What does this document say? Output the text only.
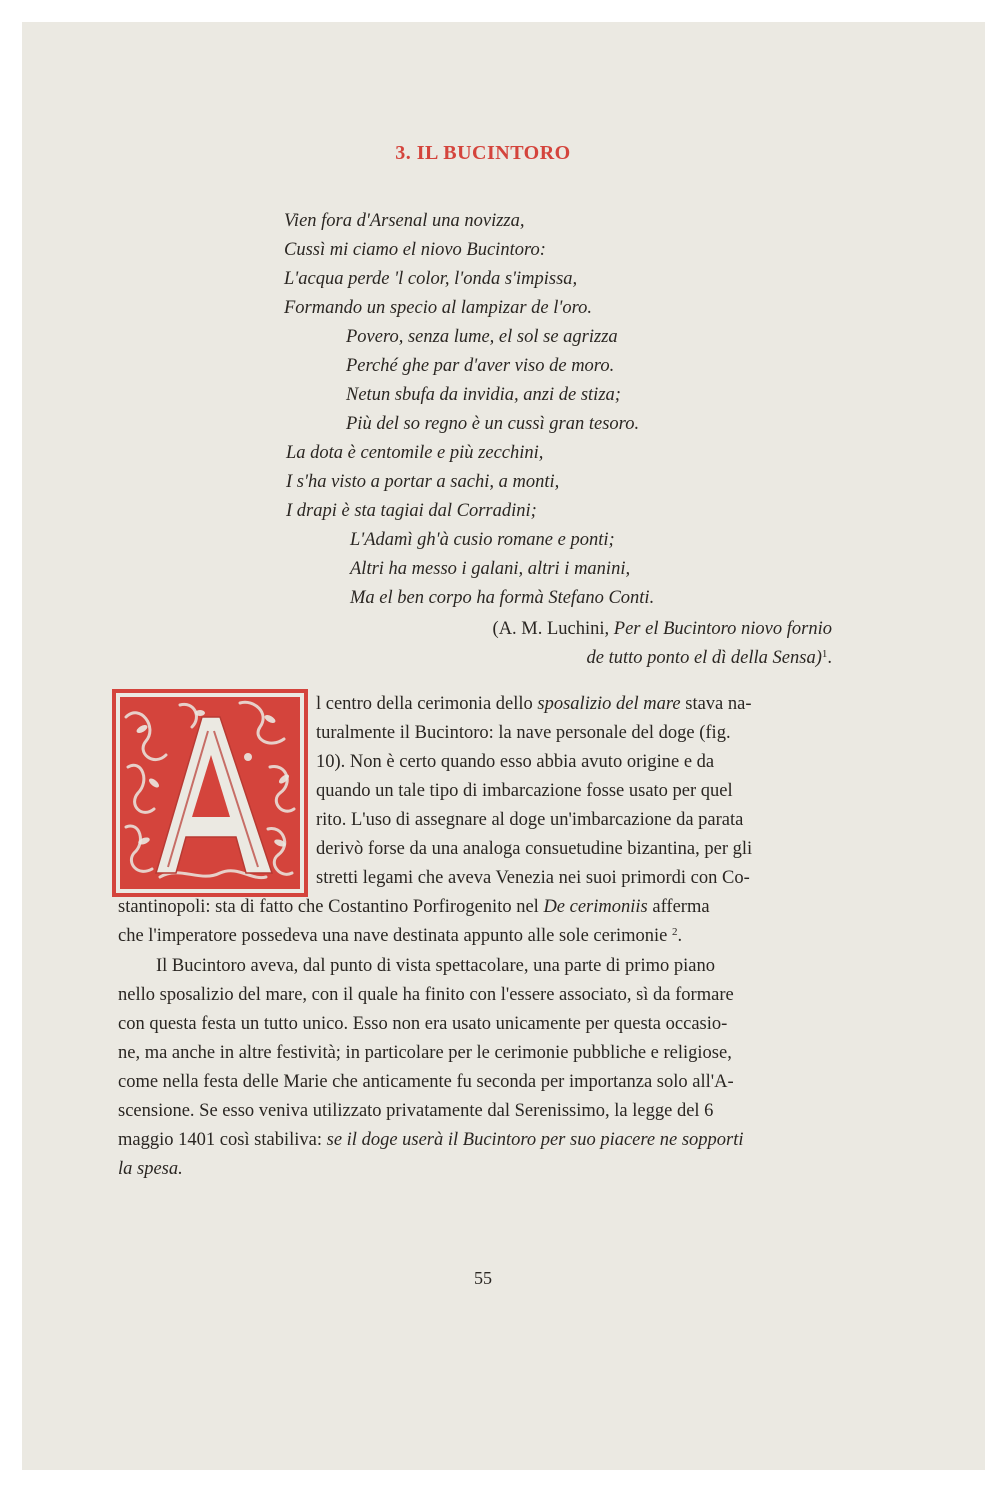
3. IL BUCINTORO
Vien fora d'Arsenal una novizza,
Cussì mi ciamo el niovo Bucintoro:
L'acqua perde 'l color, l'onda s'impissa,
Formando un specio al lampizar de l'oro.
Povero, senza lume, el sol se agrizza
Perché ghe par d'aver viso de moro.
Netun sbufa da invidia, anzi de stiza;
Più del so regno è un cussì gran tesoro.
La dota è centomile e più zecchini,
I s'ha visto a portar a sachi, a monti,
I drapi è sta tagiai dal Corradini;
L'Adamì gh'à cusio romane e ponti;
Altri ha messo i galani, altri i manini,
Ma el ben corpo ha formà Stefano Conti.
(A. M. Luchini, Per el Bucintoro niovo fornio
de tutto ponto el dì della Sensa)$^1$.
l centro della cerimonia dello sposalizio del mare stava na-
turalmente il Bucintoro: la nave personale del doge (fig.
10). Non è certo quando esso abbia avuto origine e da
quando un tale tipo di imbarcazione fosse usato per quel
rito. L'uso di assegnare al doge un'imbarcazione da parata
derivò forse da una analoga consuetudine bizantina, per gli
stretti legami che aveva Venezia nei suoi primordi con Co-
stantinopoli: sta di fatto che Costantino Porfirogenito nel De cerimoniis afferma
che l'imperatore possedeva una nave destinata appunto alle sole cerimonie $^2$.
Il Bucintoro aveva, dal punto di vista spettacolare, una parte di primo piano
nello sposalizio del mare, con il quale ha finito con l'essere associato, sì da formare
con questa festa un tutto unico. Esso non era usato unicamente per questa occasio-
ne, ma anche in altre festività; in particolare per le cerimonie pubbliche e religiose,
come nella festa delle Marie che anticamente fu seconda per importanza solo all'A-
scensione. Se esso veniva utilizzato privatamente dal Serenissimo, la legge del 6
maggio 1401 così stabiliva: se il doge userà il Bucintoro per suo piacere ne sopporti
la spesa.
55
